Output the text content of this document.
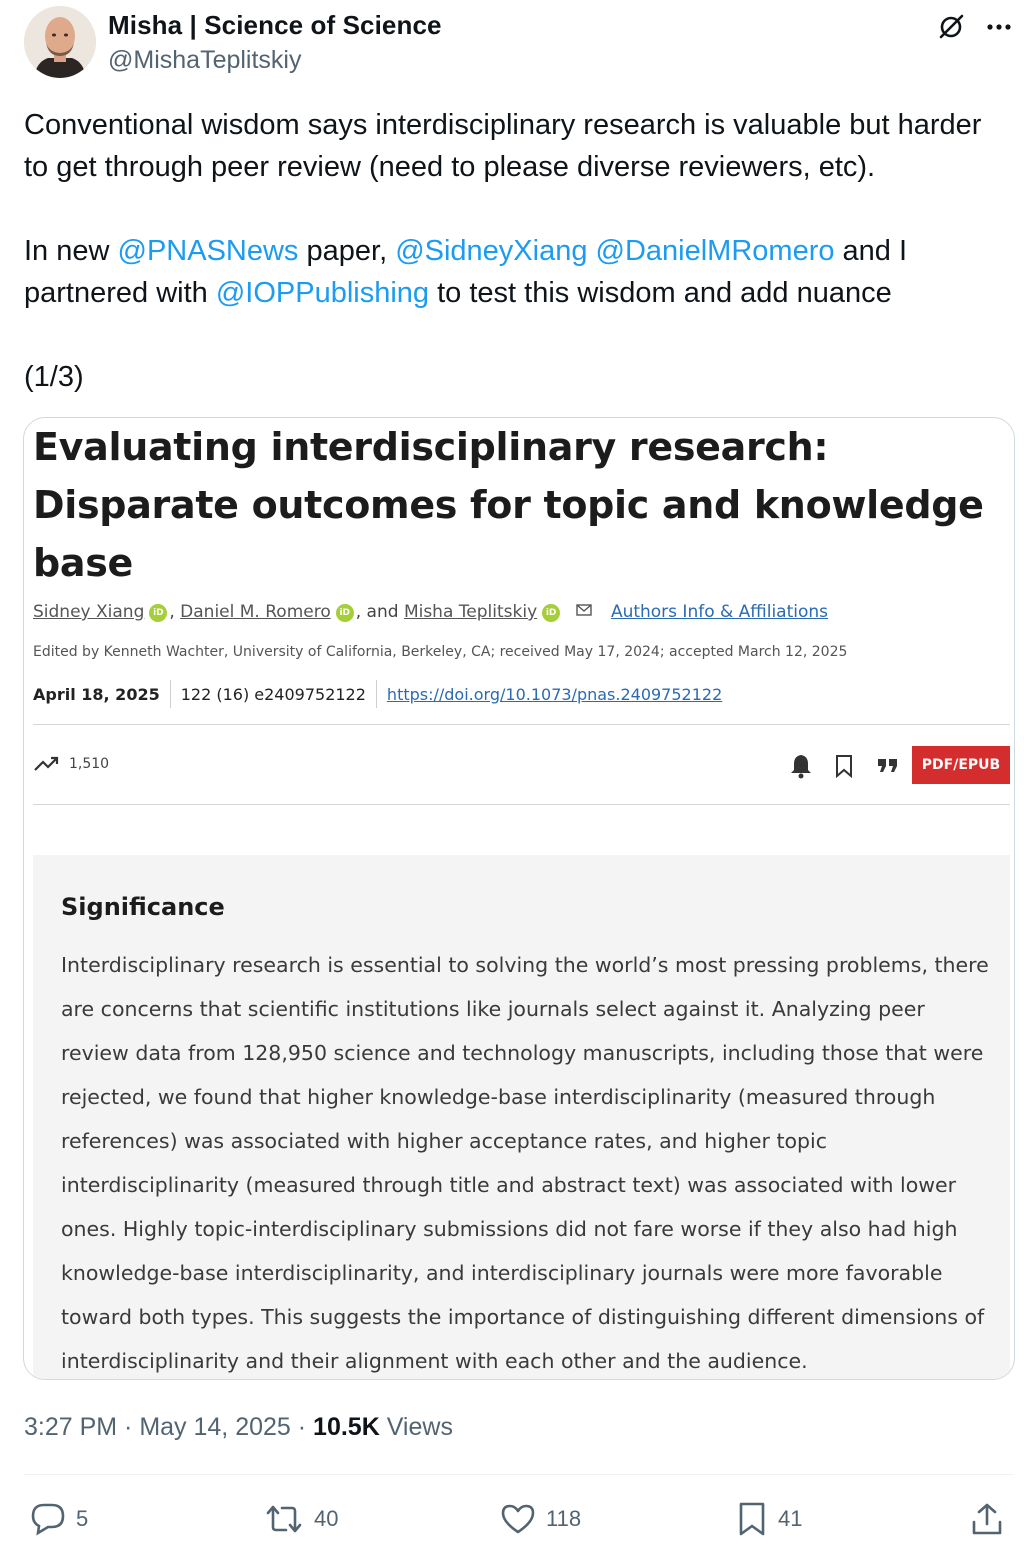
Misha | Science of Science
@MishaTeplitskiy

Conventional wisdom says interdisciplinary research is valuable but harder to get through peer review (need to please diverse reviewers, etc).

In new @PNASNews paper, @SidneyXiang @DanielMRomero and I partnered with @IOPPublishing to test this wisdom and add nuance

(1/3)

Evaluating interdisciplinary research: Disparate outcomes for topic and knowledge base
Sidney Xiang iD , Daniel M. Romero iD , and Misha Teplitskiy iD	Authors Info & Affiliations
Edited by Kenneth Wachter, University of California, Berkeley, CA; received May 17, 2024; accepted March 12, 2025
April 18, 2025 122 (16) e2409752122 https://doi.org/10.1073/pnas.2409752122
1,510	PDF/EPUB
Significance
Interdisciplinary research is essential to solving the world’s most pressing problems, there are concerns that scientific institutions like journals select against it. Analyzing peer review data from 128,950 science and technology manuscripts, including those that were rejected, we found that higher knowledge-base interdisciplinarity (measured through references) was associated with higher acceptance rates, and higher topic interdisciplinarity (measured through title and abstract text) was associated with lower ones. Highly topic-interdisciplinary submissions did not fare worse if they also had high knowledge-base interdisciplinarity, and interdisciplinary journals were more favorable toward both types. This suggests the importance of distinguishing different dimensions of interdisciplinarity and their alignment with each other and the audience.
3:27 PM · May 14, 2025 · 10.5K Views
5	40	118	41
